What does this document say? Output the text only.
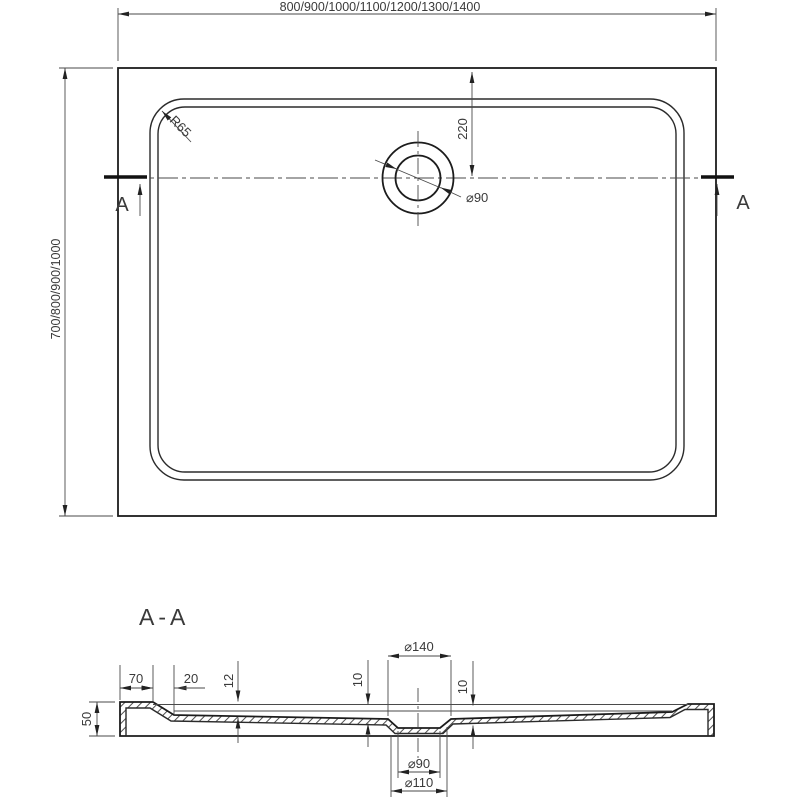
800/900/1000/1100/1200/1300/1400
700/800/900/1000
220
⌀90
R65
A	A
A-A
70	20
50
12	10	10
⌀140
⌀90
⌀110
